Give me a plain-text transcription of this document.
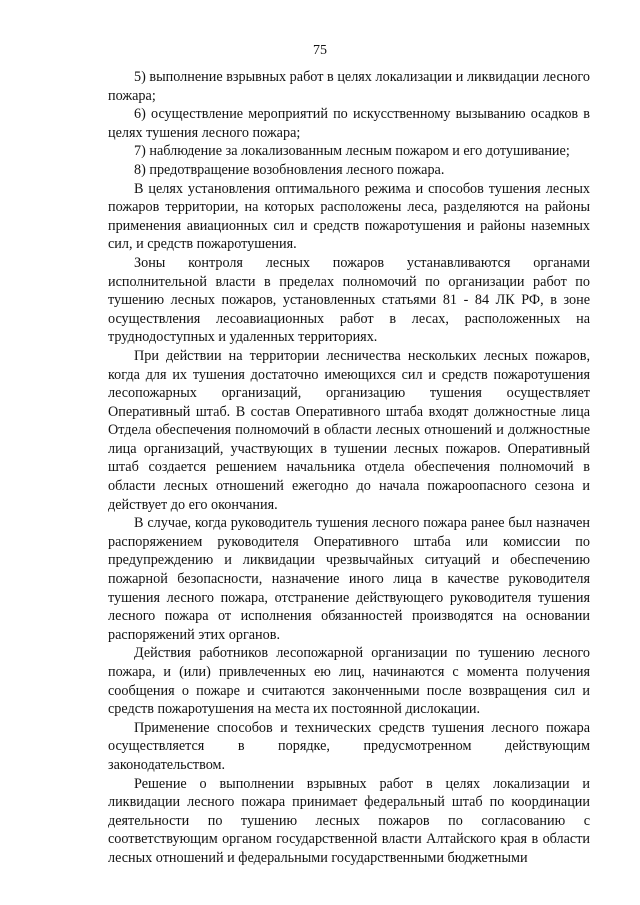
75

5) выполнение взрывных работ в целях локализации и ликвидации лесного пожара;

6) осуществление мероприятий по искусственному вызыванию осадков в целях тушения лесного пожара;

7) наблюдение за локализованным лесным пожаром и его дотушивание;

8) предотвращение возобновления лесного пожара.

В целях установления оптимального режима и способов тушения лесных пожаров территории, на которых расположены леса, разделяются на районы применения авиационных сил и средств пожаротушения и районы наземных сил, и средств пожаротушения.

Зоны контроля лесных пожаров устанавливаются органами исполнительной власти в пределах полномочий по организации работ по тушению лесных пожаров, установленных статьями 81 - 84 ЛК РФ, в зоне осуществления лесоавиационных работ в лесах, расположенных на труднодоступных и удаленных территориях.

При действии на территории лесничества нескольких лесных пожаров, когда для их тушения достаточно имеющихся сил и средств пожаротушения лесопожарных организаций, организацию тушения осуществляет Оперативный штаб. В состав Оперативного штаба входят должностные лица Отдела обеспечения полномочий в области лесных отношений и должностные лица организаций, участвующих в тушении лесных пожаров. Оперативный штаб создается решением начальника отдела обеспечения полномочий в области лесных отношений ежегодно до начала пожароопасного сезона и действует до его окончания.

В случае, когда руководитель тушения лесного пожара ранее был назначен распоряжением руководителя Оперативного штаба или комиссии по предупреждению и ликвидации чрезвычайных ситуаций и обеспечению пожарной безопасности, назначение иного лица в качестве руководителя тушения лесного пожара, отстранение действующего руководителя тушения лесного пожара от исполнения обязанностей производятся на основании распоряжений этих органов.

Действия работников лесопожарной организации по тушению лесного пожара, и (или) привлеченных ею лиц, начинаются с момента получения сообщения о пожаре и считаются законченными после возвращения сил и средств пожаротушения на места их постоянной дислокации.

Применение способов и технических средств тушения лесного пожара осуществляется в порядке, предусмотренном действующим законодательством.

Решение о выполнении взрывных работ в целях локализации и ликвидации лесного пожара принимает федеральный штаб по координации деятельности по тушению лесных пожаров по согласованию с соответствующим органом государственной власти Алтайского края в области лесных отношений и федеральными государственными бюджетными
